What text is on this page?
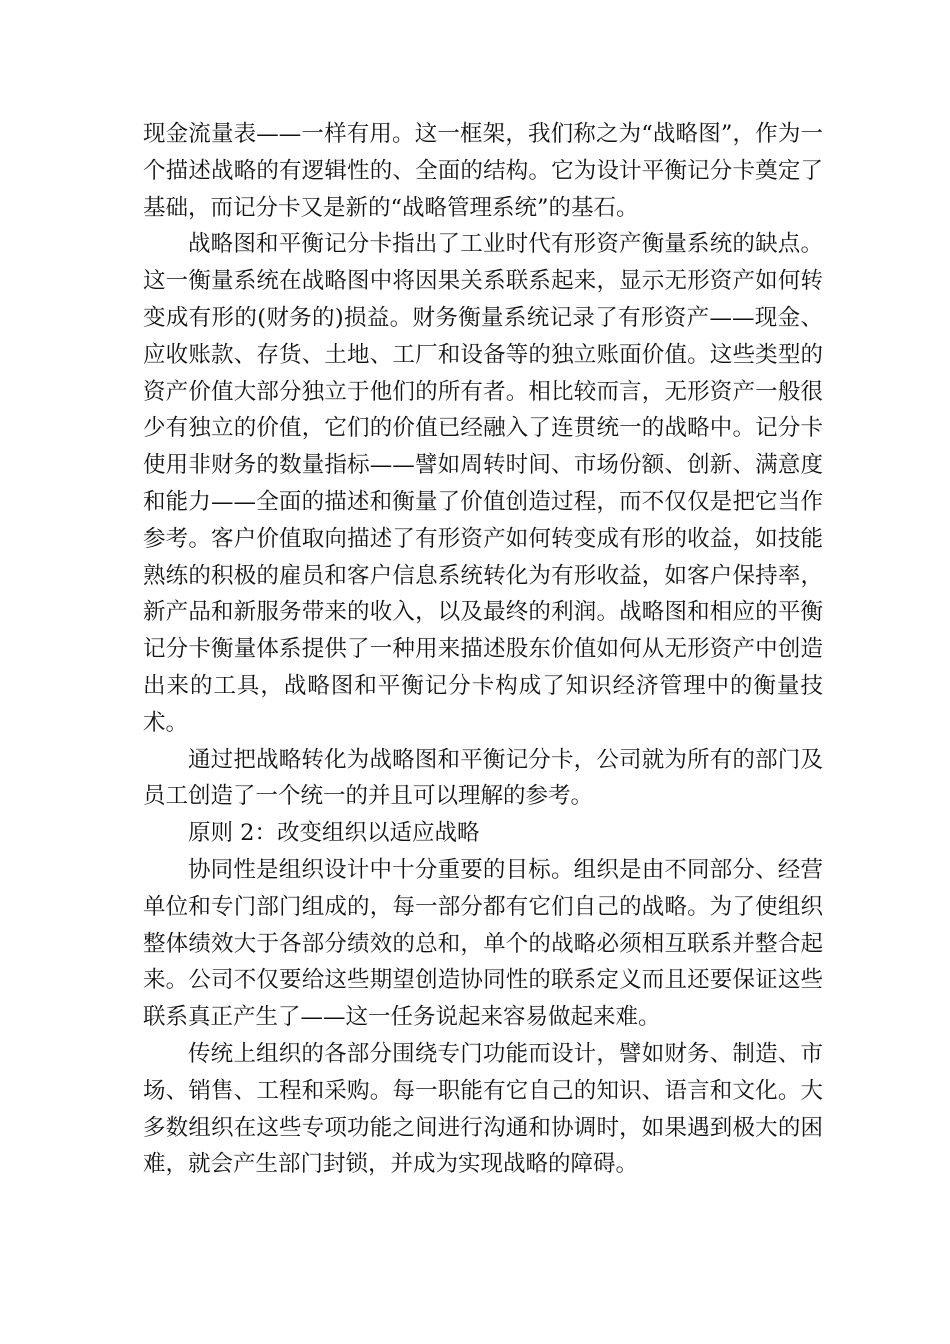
现金流量表——一样有用。这一框架，我们称之为“战略图”，作为一个描述战略的有逻辑性的、全面的结构。它为设计平衡记分卡奠定了基础，而记分卡又是新的“战略管理系统”的基石。

战略图和平衡记分卡指出了工业时代有形资产衡量系统的缺点。这一衡量系统在战略图中将因果关系联系起来，显示无形资产如何转变成有形的(财务的)损益。财务衡量系统记录了有形资产——现金、应收账款、存货、土地、工厂和设备等的独立账面价值。这些类型的资产价值大部分独立于他们的所有者。相比较而言，无形资产一般很少有独立的价值，它们的价值已经融入了连贯统一的战略中。记分卡使用非财务的数量指标——譬如周转时间、市场份额、创新、满意度和能力——全面的描述和衡量了价值创造过程，而不仅仅是把它当作参考。客户价值取向描述了有形资产如何转变成有形的收益，如技能熟练的积极的雇员和客户信息系统转化为有形收益，如客户保持率，新产品和新服务带来的收入，以及最终的利润。战略图和相应的平衡记分卡衡量体系提供了一种用来描述股东价值如何从无形资产中创造出来的工具，战略图和平衡记分卡构成了知识经济管理中的衡量技术。

通过把战略转化为战略图和平衡记分卡，公司就为所有的部门及员工创造了一个统一的并且可以理解的参考。

原则 2：改变组织以适应战略

协同性是组织设计中十分重要的目标。组织是由不同部分、经营单位和专门部门组成的，每一部分都有它们自己的战略。为了使组织整体绩效大于各部分绩效的总和，单个的战略必须相互联系并整合起来。公司不仅要给这些期望创造协同性的联系定义而且还要保证这些联系真正产生了——这一任务说起来容易做起来难。

传统上组织的各部分围绕专门功能而设计，譬如财务、制造、市场、销售、工程和采购。每一职能有它自己的知识、语言和文化。大多数组织在这些专项功能之间进行沟通和协调时，如果遇到极大的困难，就会产生部门封锁，并成为实现战略的障碍。
